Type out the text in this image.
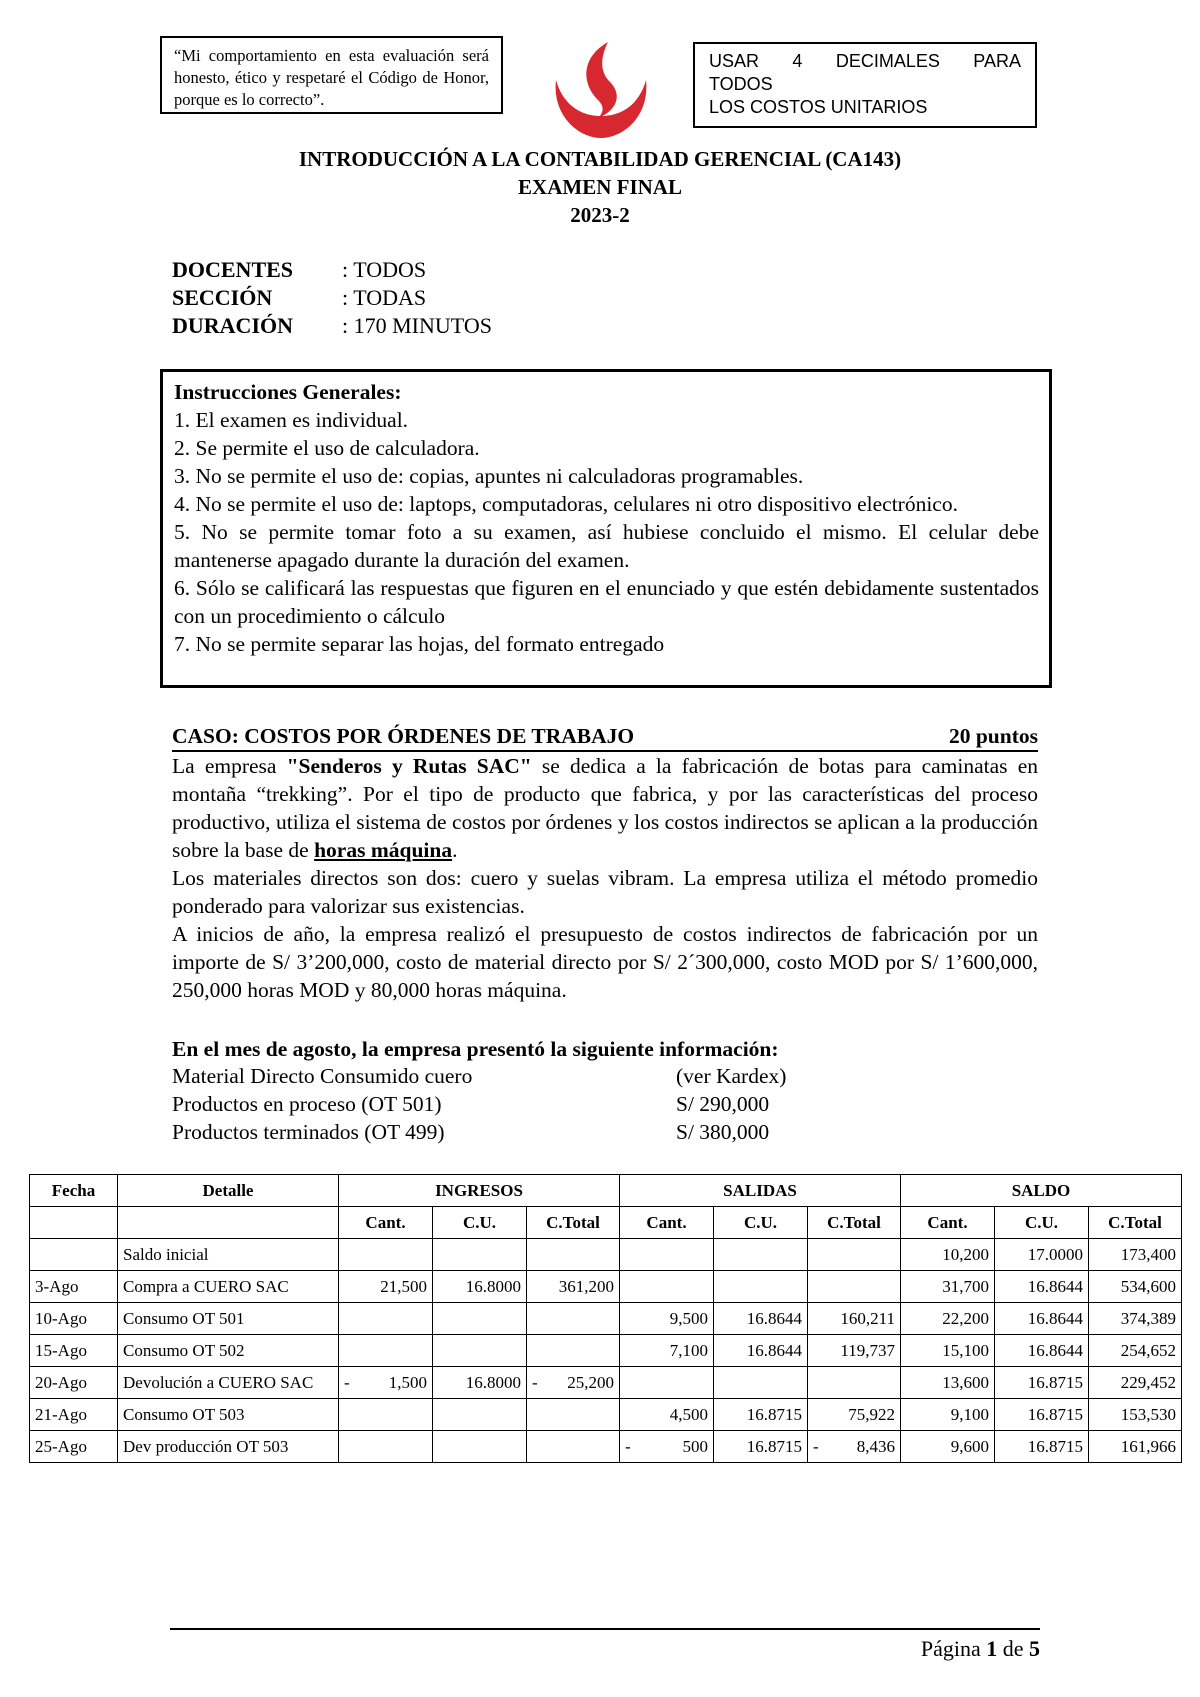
“Mi comportamiento en esta evaluación será honesto, ético y respetaré el Código de Honor, porque es lo correcto”.
USAR 4 DECIMALES PARA
TODOS
LOS COSTOS UNITARIOS
INTRODUCCIÓN A LA CONTABILIDAD GERENCIAL (CA143)
EXAMEN FINAL
2023-2
DOCENTES	: TODOS
SECCIÓN	: TODAS
DURACIÓN	: 170 MINUTOS
Instrucciones Generales:

1. El examen es individual.

2. Se permite el uso de calculadora.

3. No se permite el uso de: copias, apuntes ni calculadoras programables.

4. No se permite el uso de: laptops, computadoras, celulares ni otro dispositivo electrónico.

5. No se permite tomar foto a su examen, así hubiese concluido el mismo. El celular debe mantenerse apagado durante la duración del examen.

6. Sólo se calificará las respuestas que figuren en el enunciado y que estén debidamente sustentados con un procedimiento o cálculo

7. No se permite separar las hojas, del formato entregado

CASO: COSTOS POR ÓRDENES DE TRABAJO	20 puntos

La empresa "Senderos y Rutas SAC" se dedica a la fabricación de botas para caminatas en montaña “trekking”. Por el tipo de producto que fabrica, y por las características del proceso productivo, utiliza el sistema de costos por órdenes y los costos indirectos se aplican a la producción sobre la base de horas máquina.

Los materiales directos son dos: cuero y suelas vibram. La empresa utiliza el método promedio ponderado para valorizar sus existencias.

A inicios de año, la empresa realizó el presupuesto de costos indirectos de fabricación por un importe de S/ 3’200,000, costo de material directo por S/ 2´300,000, costo MOD por S/ 1’600,000, 250,000 horas MOD y 80,000 horas máquina.

En el mes de agosto, la empresa presentó la siguiente información:
Material Directo Consumido cuero	(ver Kardex)
Productos en proceso (OT 501)	S/ 290,000
Productos terminados (OT 499)	S/ 380,000
Fecha	Detalle	INGRESOS			SALIDAS			SALDO		
		Cant.	C.U.	C.Total	Cant.	C.U.	C.Total	Cant.	C.U.	C.Total
	Saldo inicial							10,200	17.0000	173,400
3-Ago	Compra a CUERO SAC	21,500	16.8000	361,200				31,700	16.8644	534,600
10-Ago	Consumo OT 501				9,500	16.8644	160,211	22,200	16.8644	374,389
15-Ago	Consumo OT 502				7,100	16.8644	119,737	15,100	16.8644	254,652
20-Ago	Devolución a CUERO SAC	- 1,500	16.8000	- 25,200				13,600	16.8715	229,452
21-Ago	Consumo OT 503				4,500	16.8715	75,922	9,100	16.8715	153,530
25-Ago	Dev producción OT 503				- 500	16.8715	- 8,436	9,600	16.8715	161,966
Página 1 de 5
